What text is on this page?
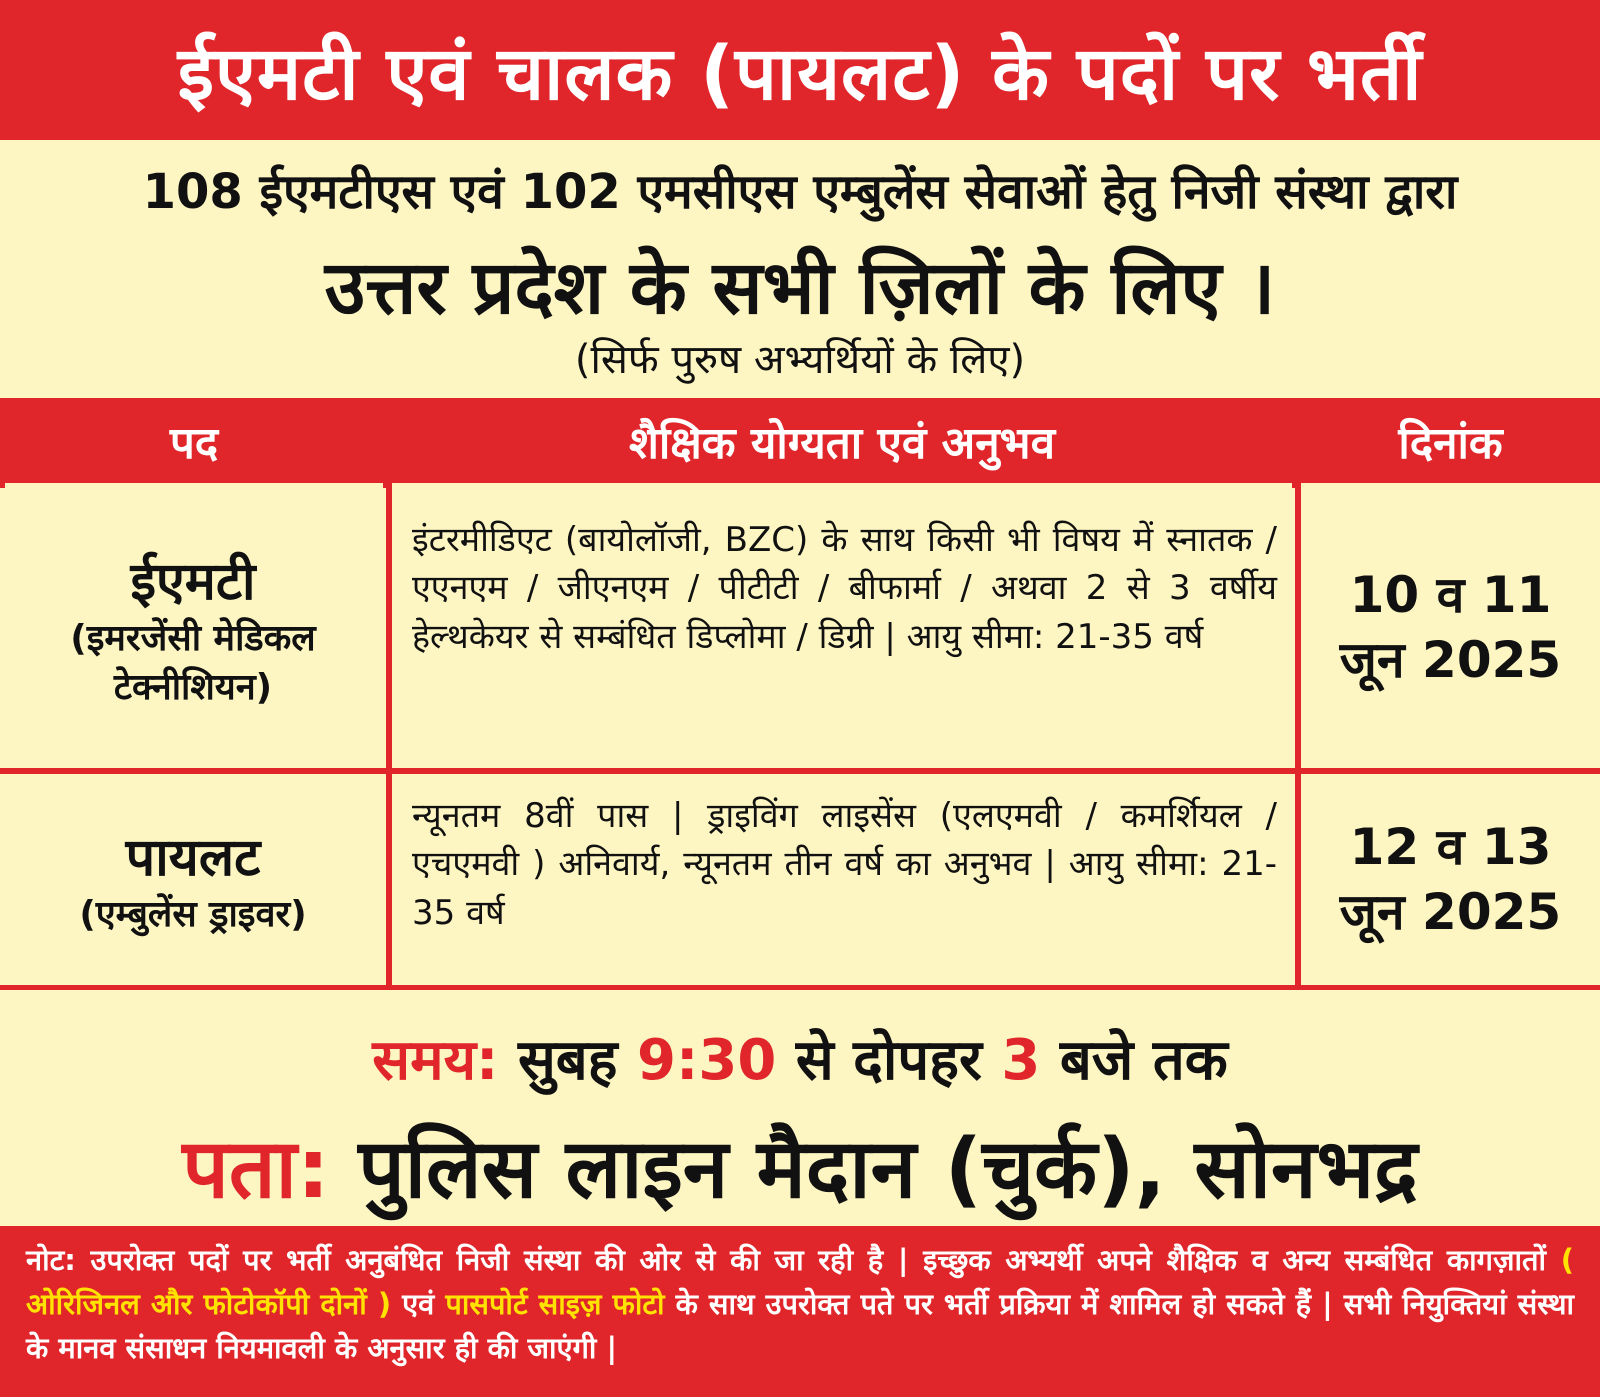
ईएमटी एवं चालक (पायलट) के पदों पर भर्ती
108 ईएमटीएस एवं 102 एमसीएस एम्बुलेंस सेवाओं हेतु निजी संस्था द्वारा
उत्तर प्रदेश के सभी ज़िलों के लिए ।
(सिर्फ पुरुष अभ्यर्थियों के लिए)
पद	शैक्षिक योग्यता एवं अनुभव	दिनांक
ईएमटी
(इमरजेंसी मेडिकल टेक्नीशियन)
इंटरमीडिएट (बायोलॉजी, BZC) के साथ किसी भी विषय में स्नातक / एएनएम / जीएनएम / पीटीटी / बीफार्मा / अथवा 2 से 3 वर्षीय हेल्थकेयर से सम्बंधित डिप्लोमा / डिग्री | आयु सीमा: 21-35 वर्ष
10 व 11
जून 2025
पायलट
(एम्बुलेंस ड्राइवर)
न्यूनतम 8वीं पास | ड्राइविंग लाइसेंस (एलएमवी / कमर्शियल / एचएमवी ) अनिवार्य, न्यूनतम तीन वर्ष का अनुभव | आयु सीमा: 21-35 वर्ष
12 व 13
जून 2025
समय: सुबह 9:30 से दोपहर 3 बजे तक
पता: पुलिस लाइन मैदान (चुर्क), सोनभद्र
नोट: उपरोक्त पदों पर भर्ती अनुबंधित निजी संस्था की ओर से की जा रही है | इच्छुक अभ्यर्थी अपने शैक्षिक व अन्य सम्बंधित कागज़ातों ( ओरिजिनल और फोटोकॉपी दोनों ) एवं पासपोर्ट साइज़ फोटो के साथ उपरोक्त पते पर भर्ती प्रक्रिया में शामिल हो सकते हैं | सभी नियुक्तियां संस्था के मानव संसाधन नियमावली के अनुसार ही की जाएंगी |
